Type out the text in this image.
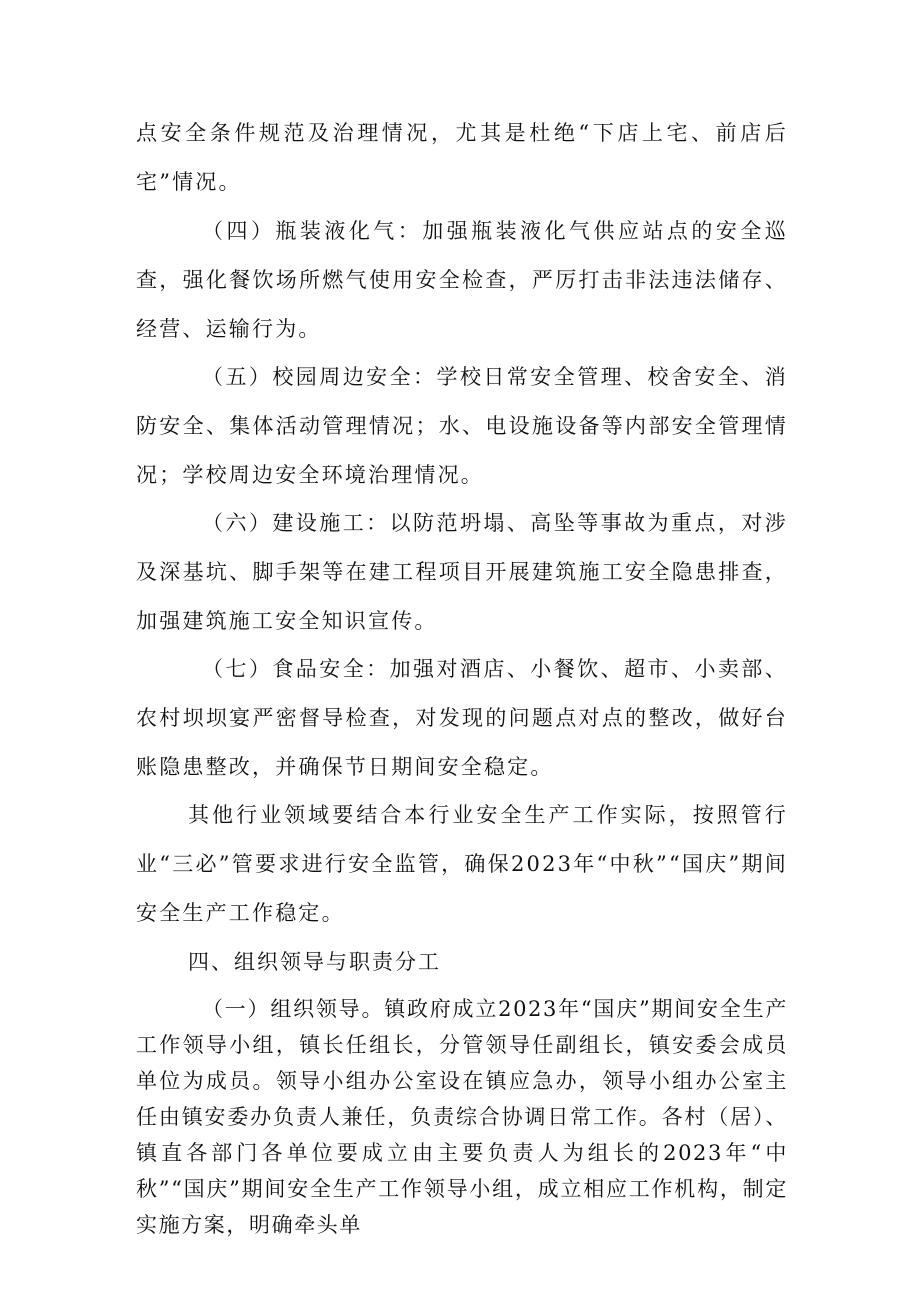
点安全条件规范及治理情况，尤其是杜绝“下店上宅、前店后宅”情况。

（四）瓶装液化气：加强瓶装液化气供应站点的安全巡查，强化餐饮场所燃气使用安全检查，严厉打击非法违法储存、经营、运输行为。

（五）校园周边安全：学校日常安全管理、校舍安全、消防安全、集体活动管理情况；水、电设施设备等内部安全管理情况；学校周边安全环境治理情况。

（六）建设施工：以防范坍塌、高坠等事故为重点，对涉及深基坑、脚手架等在建工程项目开展建筑施工安全隐患排查，加强建筑施工安全知识宣传。

（七）食品安全：加强对酒店、小餐饮、超市、小卖部、农村坝坝宴严密督导检查，对发现的问题点对点的整改，做好台账隐患整改，并确保节日期间安全稳定。

其他行业领域要结合本行业安全生产工作实际，按照管行业“三必”管要求进行安全监管，确保2023年“中秋”“国庆”期间安全生产工作稳定。

四、组织领导与职责分工

（一）组织领导。镇政府成立2023年“国庆”期间安全生产工作领导小组，镇长任组长，分管领导任副组长，镇安委会成员单位为成员。领导小组办公室设在镇应急办，领导小组办公室主任由镇安委办负责人兼任，负责综合协调日常工作。各村（居）、镇直各部门各单位要成立由主要负责人为组长的2023年“中秋”“国庆”期间安全生产工作领导小组，成立相应工作机构，制定实施方案，明确牵头单
